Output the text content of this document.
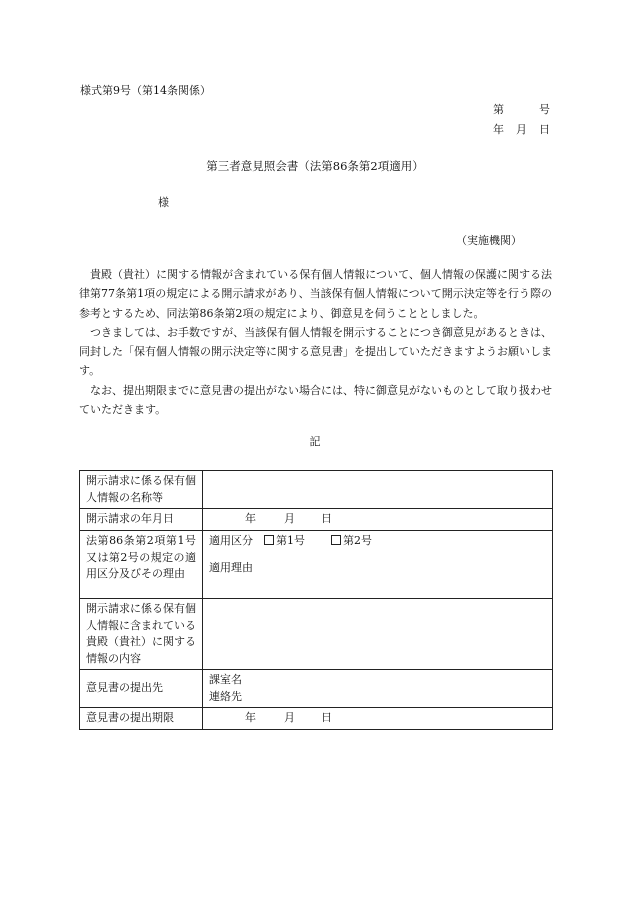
様式第9号（第14条関係）
第	号
年 月 日
第三者意見照会書（法第86条第2項適用）
様
（実施機関）

貴殿（貴社）に関する情報が含まれている保有個人情報について、個人情報の保護に関する法律第77条第1項の規定による開示請求があり、当該保有個人情報について開示決定等を行う際の参考とするため、同法第86条第2項の規定により、御意見を伺うこととしました。

つきましては、お手数ですが、当該保有個人情報を開示することにつき御意見があるときは、同封した「保有個人情報の開示決定等に関する意見書」を提出していただきますようお願いします。

なお、提出期限までに意見書の提出がない場合には、特に御意見がないものとして取り扱わせていただきます。

記
開示請求に係る保有個人情報の名称等	
開示請求の年月日	年 月 日
法第86条第2項第1号又は第2号の規定の適用区分及びその理由	適用区分 第1号 第2号
適用理由

開示請求に係る保有個人情報に含まれている貴殿（貴社）に関する情報の内容	
意見書の提出先	課室名
連絡先

意見書の提出期限	年 月 日
